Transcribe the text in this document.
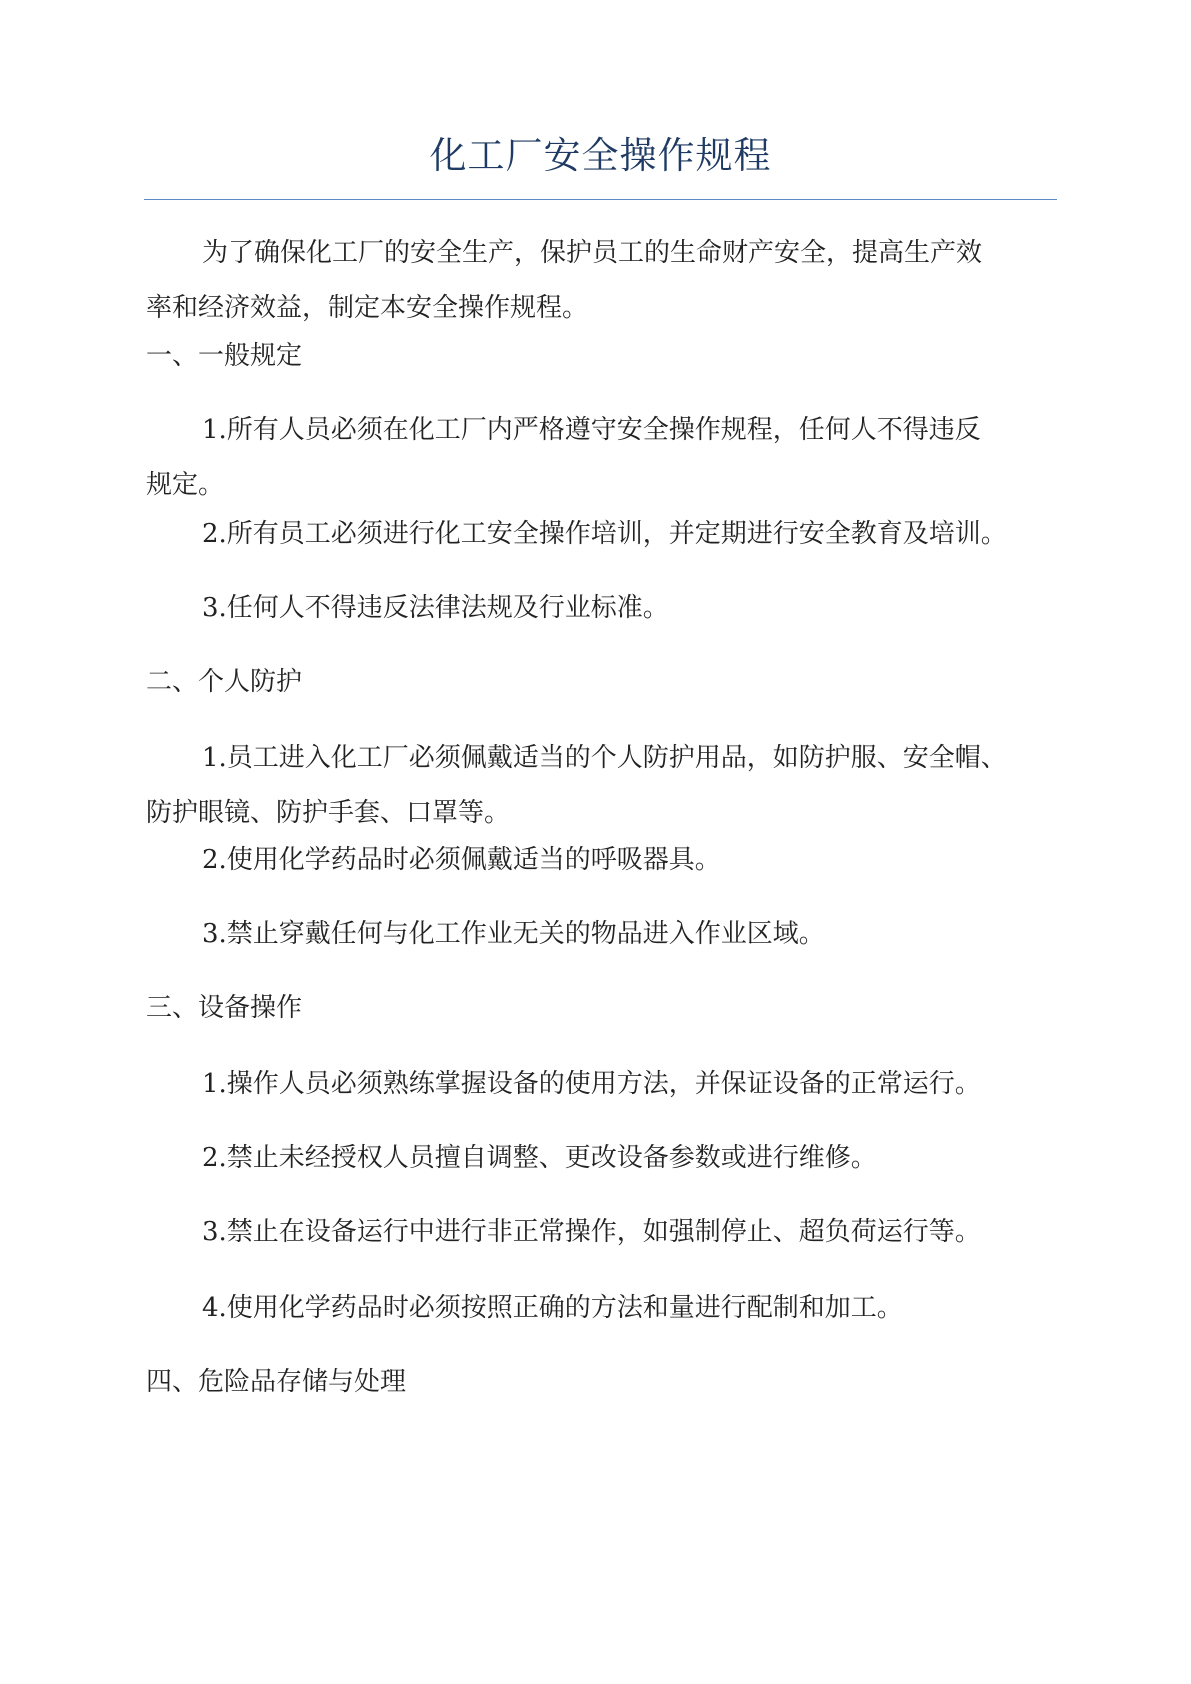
化工厂安全操作规程
为了确保化工厂的安全生产，保护员工的生命财产安全，提高生产效
率和经济效益，制定本安全操作规程。
一、一般规定
1.所有人员必须在化工厂内严格遵守安全操作规程，任何人不得违反
规定。
2.所有员工必须进行化工安全操作培训，并定期进行安全教育及培训。
3.任何人不得违反法律法规及行业标准。
二、个人防护
1.员工进入化工厂必须佩戴适当的个人防护用品，如防护服、安全帽、
防护眼镜、防护手套、口罩等。
2.使用化学药品时必须佩戴适当的呼吸器具。
3.禁止穿戴任何与化工作业无关的物品进入作业区域。
三、设备操作
1.操作人员必须熟练掌握设备的使用方法，并保证设备的正常运行。
2.禁止未经授权人员擅自调整、更改设备参数或进行维修。
3.禁止在设备运行中进行非正常操作，如强制停止、超负荷运行等。
4.使用化学药品时必须按照正确的方法和量进行配制和加工。
四、危险品存储与处理
